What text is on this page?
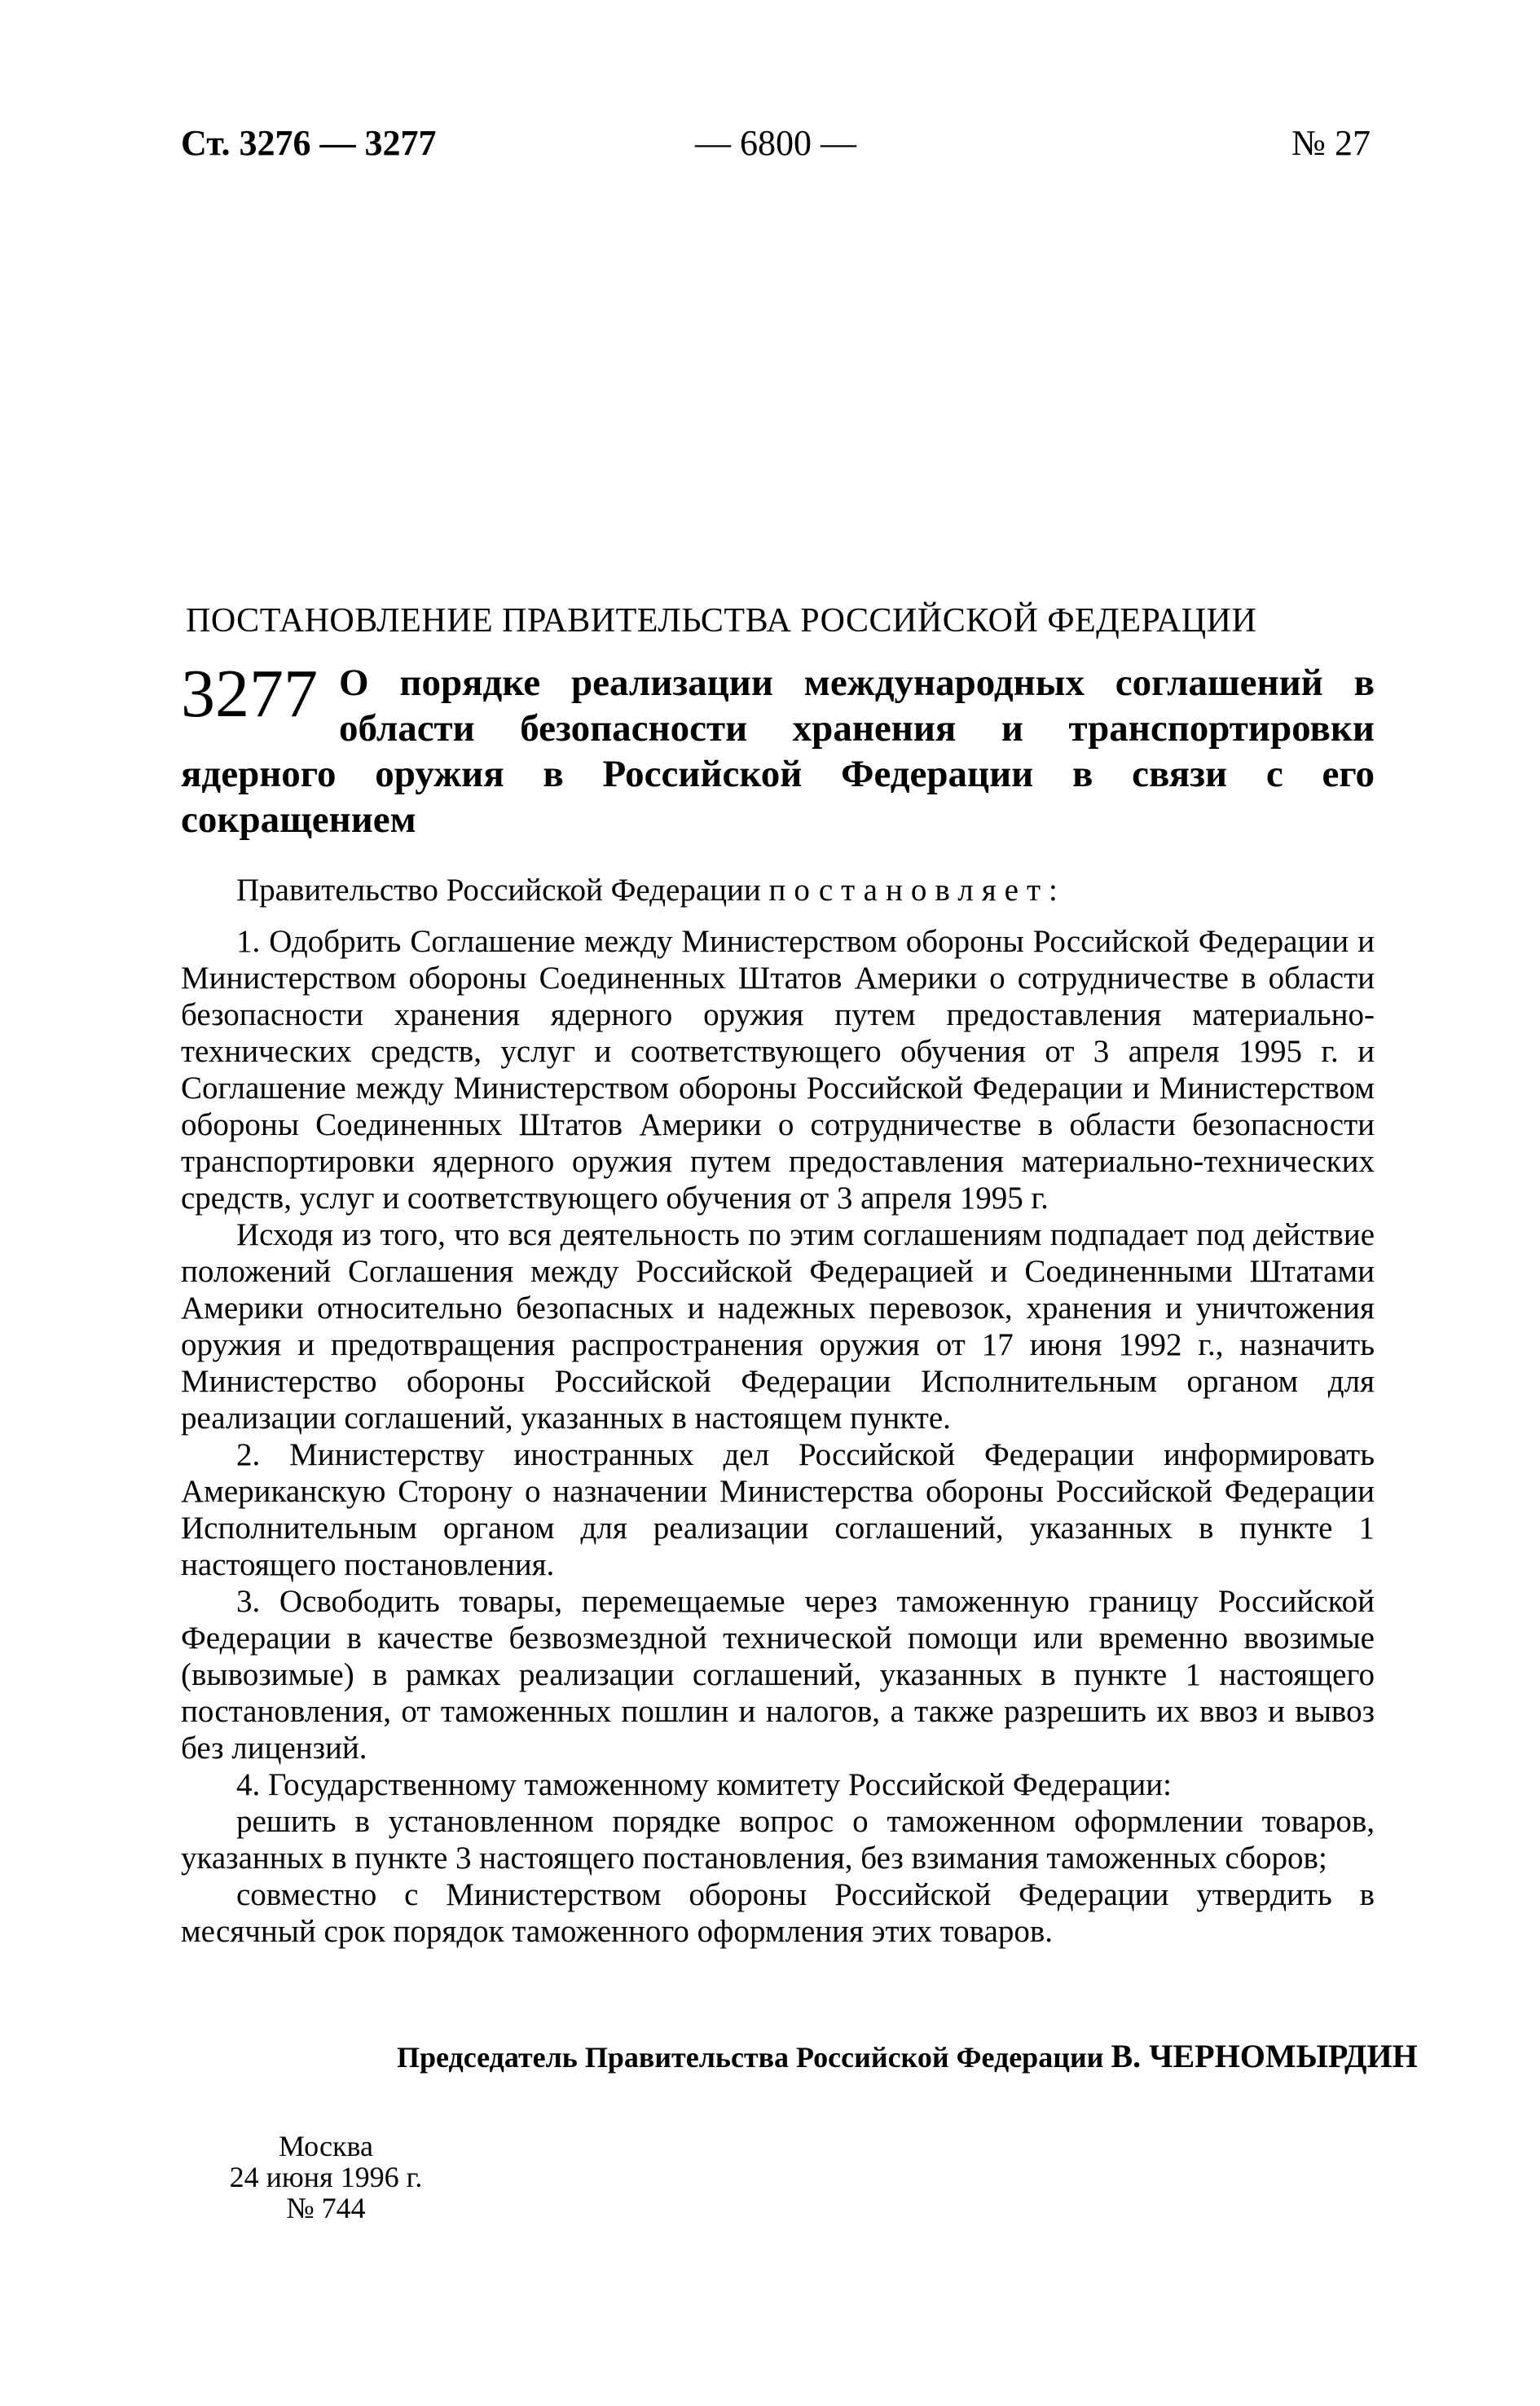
Ст. 3276 — 3277	— 6800 —	№ 27
ПОСТАНОВЛЕНИЕ ПРАВИТЕЛЬСТВА РОССИЙСКОЙ ФЕДЕРАЦИИ
3277 О порядке реализации международных соглашений в области безопасности хранения и транспортировки ядерного оружия в Российской Федерации в связи с его сокращением

Правительство Российской Федерации постановляет:

1. Одобрить Соглашение между Министерством обороны Российской Федерации и Министерством обороны Соединенных Штатов Америки о сотрудничестве в области безопасности хранения ядерного оружия путем предоставления материально-технических средств, услуг и соответствующего обучения от 3 апреля 1995 г. и Соглашение между Министерством обороны Российской Федерации и Министерством обороны Соединенных Штатов Америки о сотрудничестве в области безопасности транспортировки ядерного оружия путем предоставления материально-технических средств, услуг и соответствующего обучения от 3 апреля 1995 г.

Исходя из того, что вся деятельность по этим соглашениям подпадает под действие положений Соглашения между Российской Федерацией и Соединенными Штатами Америки относительно безопасных и надежных перевозок, хранения и уничтожения оружия и предотвращения распространения оружия от 17 июня 1992 г., назначить Министерство обороны Российской Федерации Исполнительным органом для реализации соглашений, указанных в настоящем пункте.

2. Министерству иностранных дел Российской Федерации информировать Американскую Сторону о назначении Министерства обороны Российской Федерации Исполнительным органом для реализации соглашений, указанных в пункте 1 настоящего постановления.

3. Освободить товары, перемещаемые через таможенную границу Российской Федерации в качестве безвозмездной технической помощи или временно ввозимые (вывозимые) в рамках реализации соглашений, указанных в пункте 1 настоящего постановления, от таможенных пошлин и налогов, а также разрешить их ввоз и вывоз без лицензий.

4. Государственному таможенному комитету Российской Федерации:

решить в установленном порядке вопрос о таможенном оформлении товаров, указанных в пункте 3 настоящего постановления, без взимания таможенных сборов;

совместно с Министерством обороны Российской Федерации утвердить в месячный срок порядок таможенного оформления этих товаров.

Председатель Правительства Российской Федерации В. ЧЕРНОМЫРДИН
Москва
24 июня 1996 г.
№ 744
